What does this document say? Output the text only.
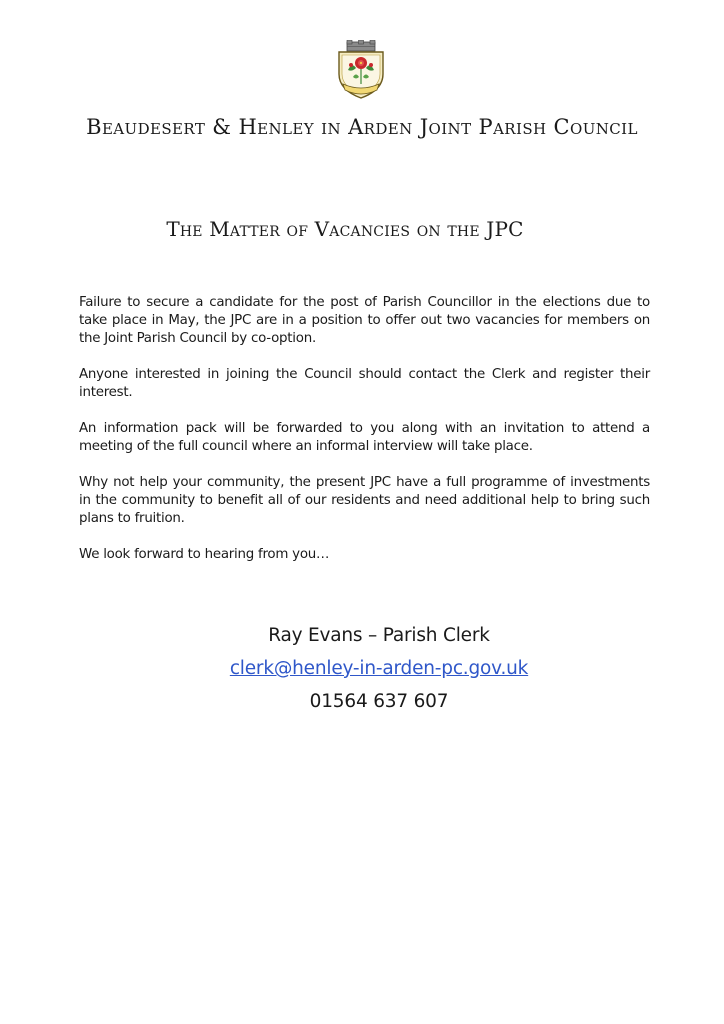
Beaudesert & Henley in Arden Joint Parish Council
The Matter of Vacancies on the JPC

Failure to secure a candidate for the post of Parish Councillor in the elections due to take place in May, the JPC are in a position to offer out two vacancies for members on the Joint Parish Council by co-option.

Anyone interested in joining the Council should contact the Clerk and register their interest.

An information pack will be forwarded to you along with an invitation to attend a meeting of the full council where an informal interview will take place.

Why not help your community, the present JPC have a full programme of investments in the community to benefit all of our residents and need additional help to bring such plans to fruition.

We look forward to hearing from you…

Ray Evans – Parish Clerk
clerk@henley-in-arden-pc.gov.uk
01564 637 607
